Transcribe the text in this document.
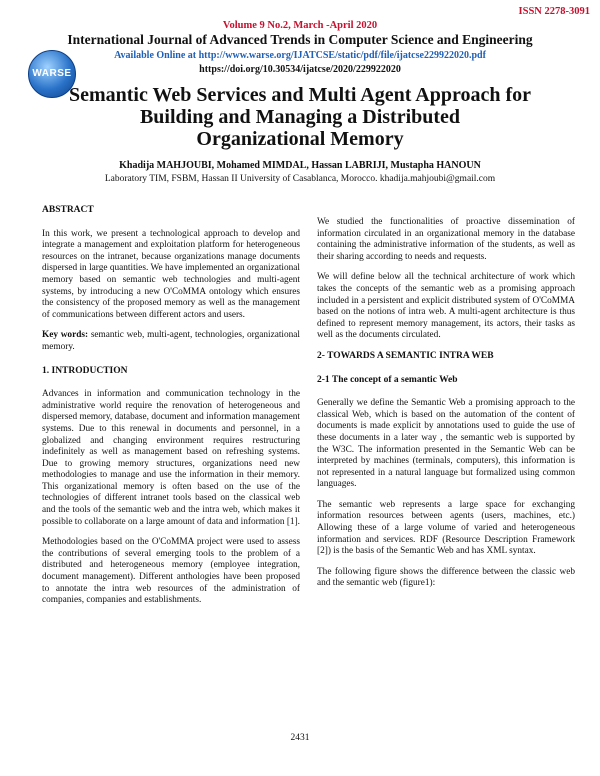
ISSN 2278-3091
Volume 9 No.2, March -April 2020
International Journal of Advanced Trends in Computer Science and Engineering
Available Online at http://www.warse.org/IJATCSE/static/pdf/file/ijatcse229922020.pdf
https://doi.org/10.30534/ijatcse/2020/229922020
WARSE
Semantic Web Services and Multi Agent Approach for
Building and Managing a Distributed
Organizational Memory
Khadija MAHJOUBI, Mohamed MIMDAL, Hassan LABRIJI, Mustapha HANOUN
Laboratory TIM, FSBM, Hassan II University of Casablanca, Morocco. khadija.mahjoubi@gmail.com
ABSTRACT
In this work, we present a technological approach to develop and integrate a management and exploitation platform for heterogeneous resources on the intranet, because organizations manage documents dispersed in large quantities. We have implemented an organizational memory based on semantic web technologies and multi-agent systems, by introducing a new O'CoMMA ontology which ensures the consistency of the proposed memory as well as the management of communications between different actors and users.
Key words: semantic web, multi-agent, technologies, organizational memory.
1. INTRODUCTION
Advances in information and communication technology in the administrative world require the renovation of heterogeneous and dispersed memory, database, document and information management systems. Due to this renewal in documents and personnel, in a globalized and changing environment requires restructuring indefinitely as well as management based on refreshing systems. Due to growing memory structures, organizations need new methodologies to manage and use the information in their memory. This organizational memory is often based on the use of the technologies of different intranet tools based on the classical web and the tools of the semantic web and the intra web, which makes it possible to collaborate on a large amount of data and information [1].
Methodologies based on the O'CoMMA project were used to assess the contributions of several emerging tools to the problem of a distributed and heterogeneous memory (employee integration, document management). Different anthologies have been proposed to annotate the intra web resources of the administration of companies, companies and establishments.
We studied the functionalities of proactive dissemination of information circulated in an organizational memory in the database containing the administrative information of the students, as well as their sharing according to needs and requests.
We will define below all the technical architecture of work which takes the concepts of the semantic web as a promising approach included in a persistent and explicit distributed system of O'CoMMA based on the notions of intra web. A multi-agent architecture is thus defined to represent memory management, its actors, their tasks as well as the documents circulated.
2- TOWARDS A SEMANTIC INTRA WEB
2-1 The concept of a semantic Web
Generally we define the Semantic Web a promising approach to the classical Web, which is based on the automation of the content of documents is made explicit by annotations used to guide the use of these documents in a later way , the semantic web is supported by the W3C. The information presented in the Semantic Web can be interpreted by machines (terminals, computers), this information is not represented in a natural language but formalized using common languages.
The semantic web represents a large space for exchanging information resources between agents (users, machines, etc.) Allowing these of a large volume of varied and heterogeneous information and services. RDF (Resource Description Framework [2]) is the basis of the Semantic Web and has XML syntax.
The following figure shows the difference between the classic web and the semantic web (figure1):
2431
